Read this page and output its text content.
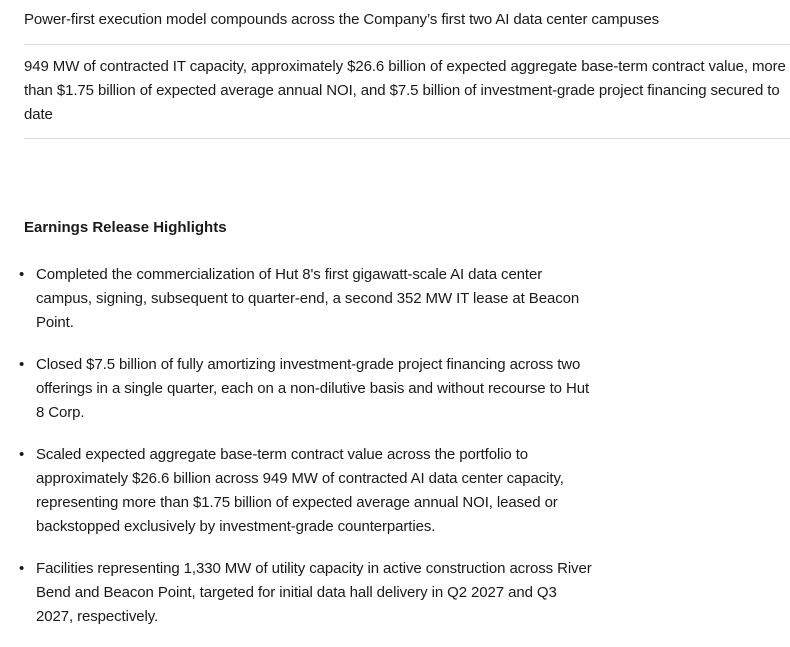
Power-first execution model compounds across the Company’s first two AI data center campuses
949 MW of contracted IT capacity, approximately $26.6 billion of expected aggregate base-term contract value, more than $1.75 billion of expected average annual NOI, and $7.5 billion of investment-grade project financing secured to date
Earnings Release Highlights
• Completed the commercialization of Hut 8's first gigawatt-scale AI data center campus, signing, subsequent to quarter-end, a second 352 MW IT lease at Beacon Point.
• Closed $7.5 billion of fully amortizing investment-grade project financing across two offerings in a single quarter, each on a non-dilutive basis and without recourse to Hut 8 Corp.
• Scaled expected aggregate base-term contract value across the portfolio to approximately $26.6 billion across 949 MW of contracted AI data center capacity, representing more than $1.75 billion of expected average annual NOI, leased or backstopped exclusively by investment-grade counterparties.
• Facilities representing 1,330 MW of utility capacity in active construction across River Bend and Beacon Point, targeted for initial data hall delivery in Q2 2027 and Q3 2027, respectively.
